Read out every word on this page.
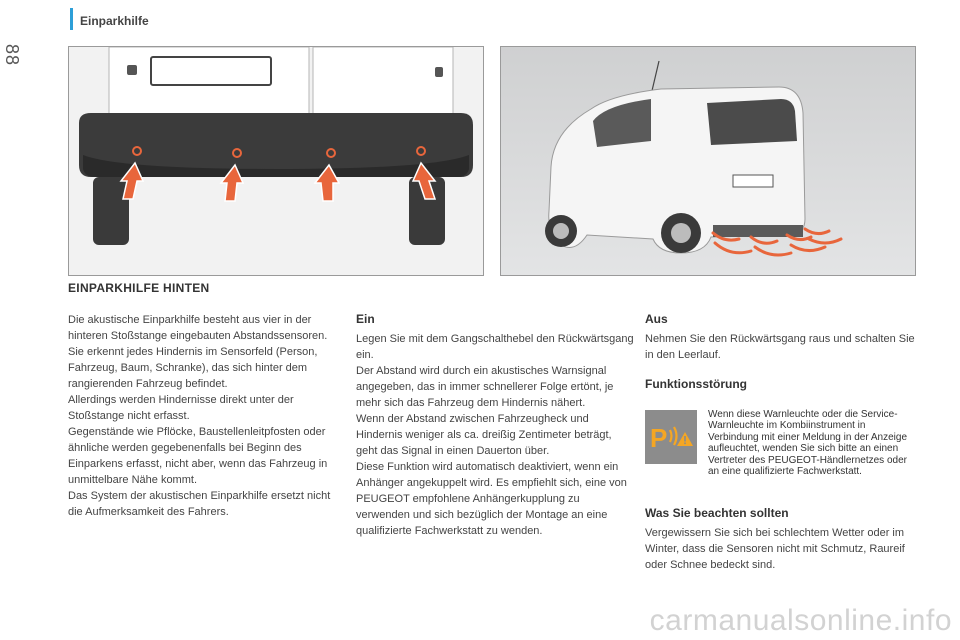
88
Einparkhilfe
EINPARKHILFE HINTEN

Die akustische Einparkhilfe besteht aus vier in der hinteren Stoßstange eingebauten Abstandssensoren.

Sie erkennt jedes Hindernis im Sensorfeld (Person, Fahrzeug, Baum, Schranke), das sich hinter dem rangierenden Fahrzeug befindet.

Allerdings werden Hindernisse direkt unter der Stoßstange nicht erfasst.

Gegenstände wie Pflöcke, Baustellenleitpfosten oder ähnliche werden gegebenenfalls bei Beginn des Einparkens erfasst, nicht aber, wenn das Fahrzeug in unmittelbare Nähe kommt.

Das System der akustischen Einparkhilfe ersetzt nicht die Aufmerksamkeit des Fahrers.

Ein

Legen Sie mit dem Gangschalthebel den Rückwärtsgang ein.

Der Abstand wird durch ein akustisches Warnsignal angegeben, das in immer schnellerer Folge ertönt, je mehr sich das Fahrzeug dem Hindernis nähert.

Wenn der Abstand zwischen Fahrzeugheck und Hindernis weniger als ca. dreißig Zentimeter beträgt, geht das Signal in einen Dauerton über.

Diese Funktion wird automatisch deaktiviert, wenn ein Anhänger angekuppelt wird. Es empfiehlt sich, eine von PEUGEOT empfohlene Anhängerkupplung zu verwenden und sich bezüglich der Montage an eine qualifizierte Fachwerkstatt zu wenden.

Aus
Nehmen Sie den Rückwärtsgang raus und schalten Sie in den Leerlauf.
Funktionsstörung
P
Wenn diese Warnleuchte oder die Service-Warnleuchte im Kombiinstrument in Verbindung mit einer Meldung in der Anzeige aufleuchtet, wenden Sie sich bitte an einen Vertreter des PEUGEOT-Händlernetzes oder an eine qualifizierte Fachwerkstatt.
Was Sie beachten sollten
Vergewissern Sie sich bei schlechtem Wetter oder im Winter, dass die Sensoren nicht mit Schmutz, Raureif oder Schnee bedeckt sind.
carmanualsonline.info
